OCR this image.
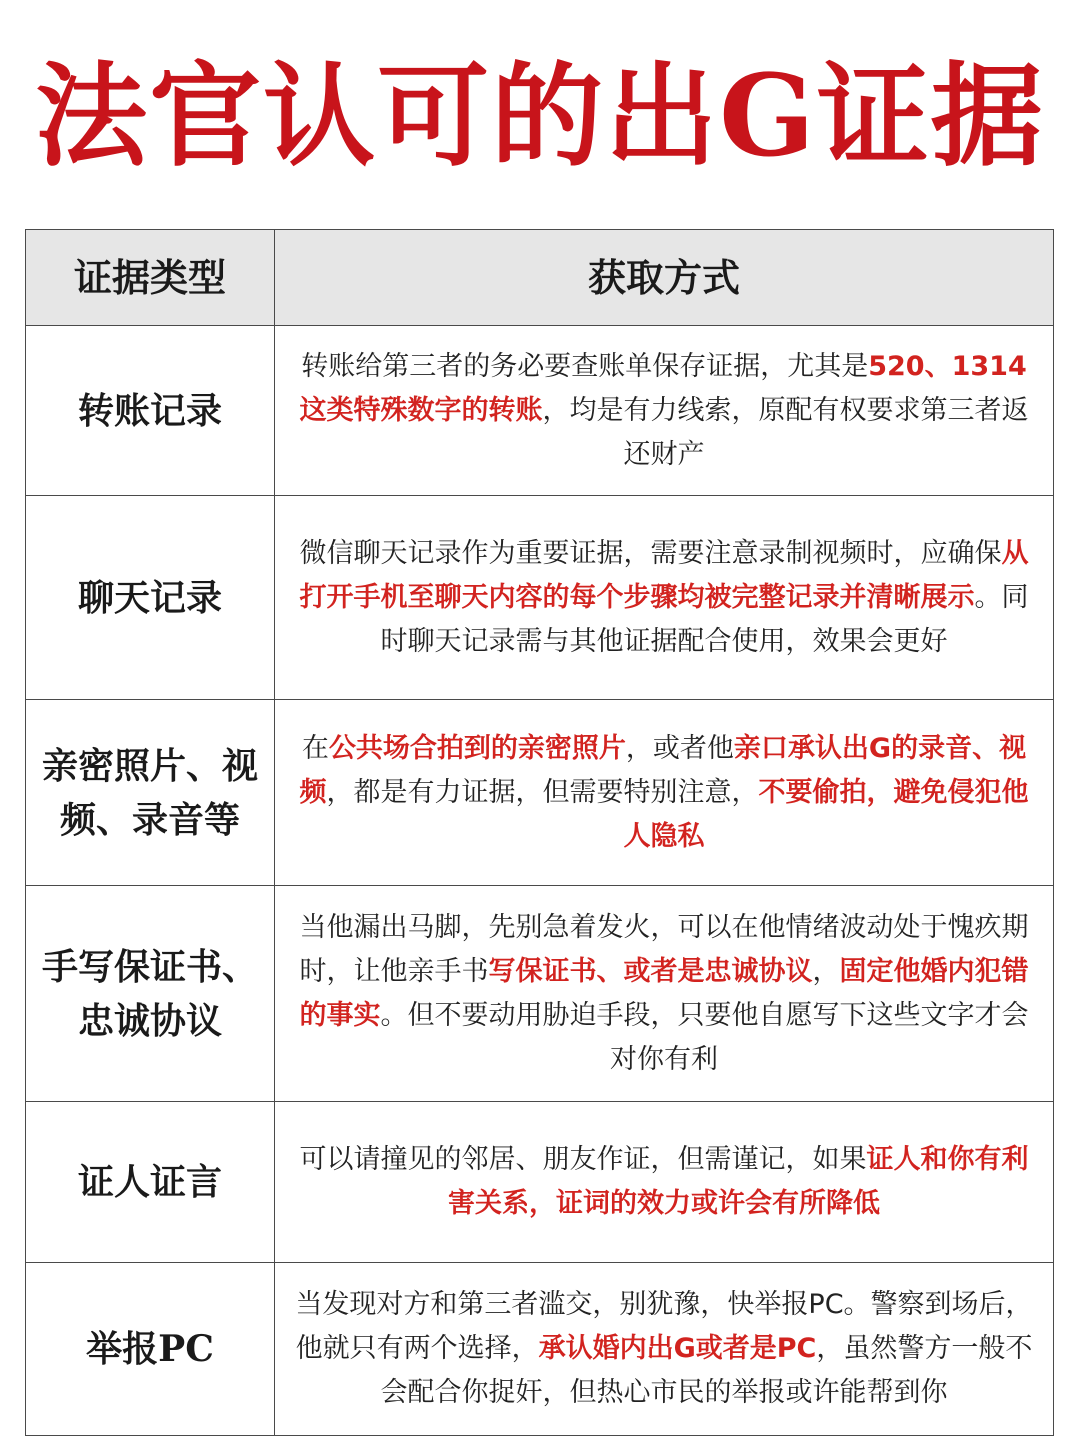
法官认可的出G证据
证据类型	获取方式
转账记录
转账给第三者的务必要查账单保存证据，尤其是520、1314这类特殊数字的转账，均是有力线索，原配有权要求第三者返还财产
聊天记录
微信聊天记录作为重要证据，需要注意录制视频时，应确保从打开手机至聊天内容的每个步骤均被完整记录并清晰展示。同时聊天记录需与其他证据配合使用，效果会更好
亲密照片、视频、录音等
在公共场合拍到的亲密照片，或者他亲口承认出G的录音、视频，都是有力证据，但需要特别注意，不要偷拍，避免侵犯他人隐私
手写保证书、忠诚协议
当他漏出马脚，先别急着发火，可以在他情绪波动处于愧疚期时，让他亲手书写保证书、或者是忠诚协议，固定他婚内犯错的事实。但不要动用胁迫手段，只要他自愿写下这些文字才会对你有利
证人证言
可以请撞见的邻居、朋友作证，但需谨记，如果证人和你有利害关系，证词的效力或许会有所降低
举报PC
当发现对方和第三者滥交，别犹豫，快举报PC。警察到场后，他就只有两个选择，承认婚内出G或者是PC，虽然警方一般不会配合你捉奸，但热心市民的举报或许能帮到你
